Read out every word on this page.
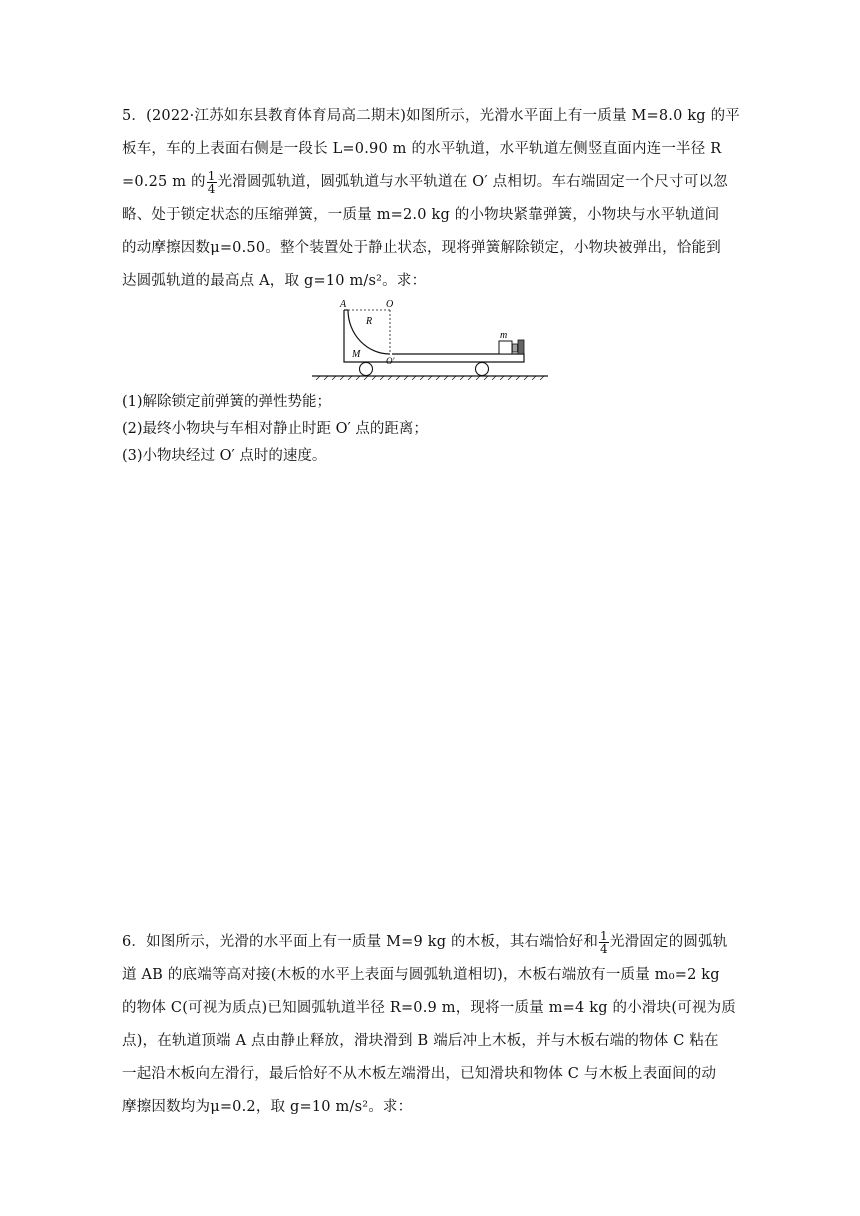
5．(2022·江苏如东县教育体育局高二期末)如图所示，光滑水平面上有一质量 M=8.0 kg 的平
板车，车的上表面右侧是一段长 L=0.90 m 的水平轨道，水平轨道左侧竖直面内连一半径 R
=0.25 m 的 $\frac{1}{4}$ 光滑圆弧轨道，圆弧轨道与水平轨道在 O′ 点相切。车右端固定一个尺寸可以忽
略、处于锁定状态的压缩弹簧，一质量 m=2.0 kg 的小物块紧靠弹簧，小物块与水平轨道间
的动摩擦因数μ=0.50。整个装置处于静止状态，现将弹簧解除锁定，小物块被弹出，恰能到
达圆弧轨道的最高点 A，取 g=10 m/s²。求：
A	O
R
M
O′
m
(1)解除锁定前弹簧的弹性势能；
(2)最终小物块与车相对静止时距 O′ 点的距离；
(3)小物块经过 O′ 点时的速度。
6．如图所示，光滑的水平面上有一质量 M=9 kg 的木板，其右端恰好和 $\frac{1}{4}$ 光滑固定的圆弧轨
道 AB 的底端等高对接(木板的水平上表面与圆弧轨道相切)，木板右端放有一质量 m₀=2 kg
的物体 C(可视为质点)已知圆弧轨道半径 R=0.9 m，现将一质量 m=4 kg 的小滑块(可视为质
点)，在轨道顶端 A 点由静止释放，滑块滑到 B 端后冲上木板，并与木板右端的物体 C 粘在
一起沿木板向左滑行，最后恰好不从木板左端滑出，已知滑块和物体 C 与木板上表面间的动
摩擦因数均为μ=0.2，取 g=10 m/s²。求：
